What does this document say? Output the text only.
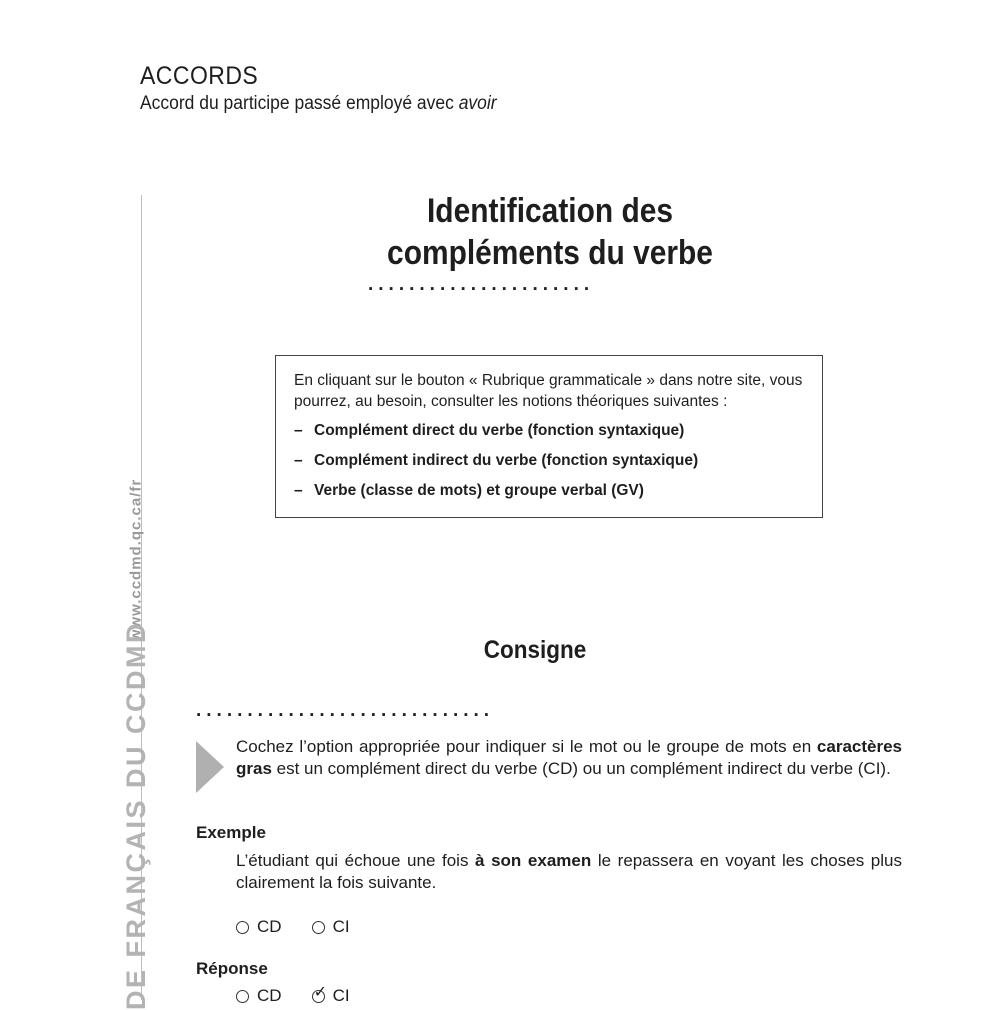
ACCORDS
Accord du participe passé employé avec avoir
www.ccdmd.qc.ca/fr
DE FRANÇAIS DU CCDMD
Identification des
compléments du verbe
......................

En cliquant sur le bouton « Rubrique grammaticale » dans notre site, vous pourrez, au besoin, consulter les notions théoriques suivantes :

– Complément direct du verbe (fonction syntaxique)
– Complément indirect du verbe (fonction syntaxique)
– Verbe (classe de mots) et groupe verbal (GV)
Consigne
.............................
Cochez l’option appropriée pour indiquer si le mot ou le groupe de mots en caractères gras est un complément direct du verbe (CD) ou un complément indirect du verbe (CI).
Exemple
L’étudiant qui échoue une fois à son examen le repassera en voyant les choses plus clairement la fois suivante.
CD	CI
Réponse
CD
✓	CI
